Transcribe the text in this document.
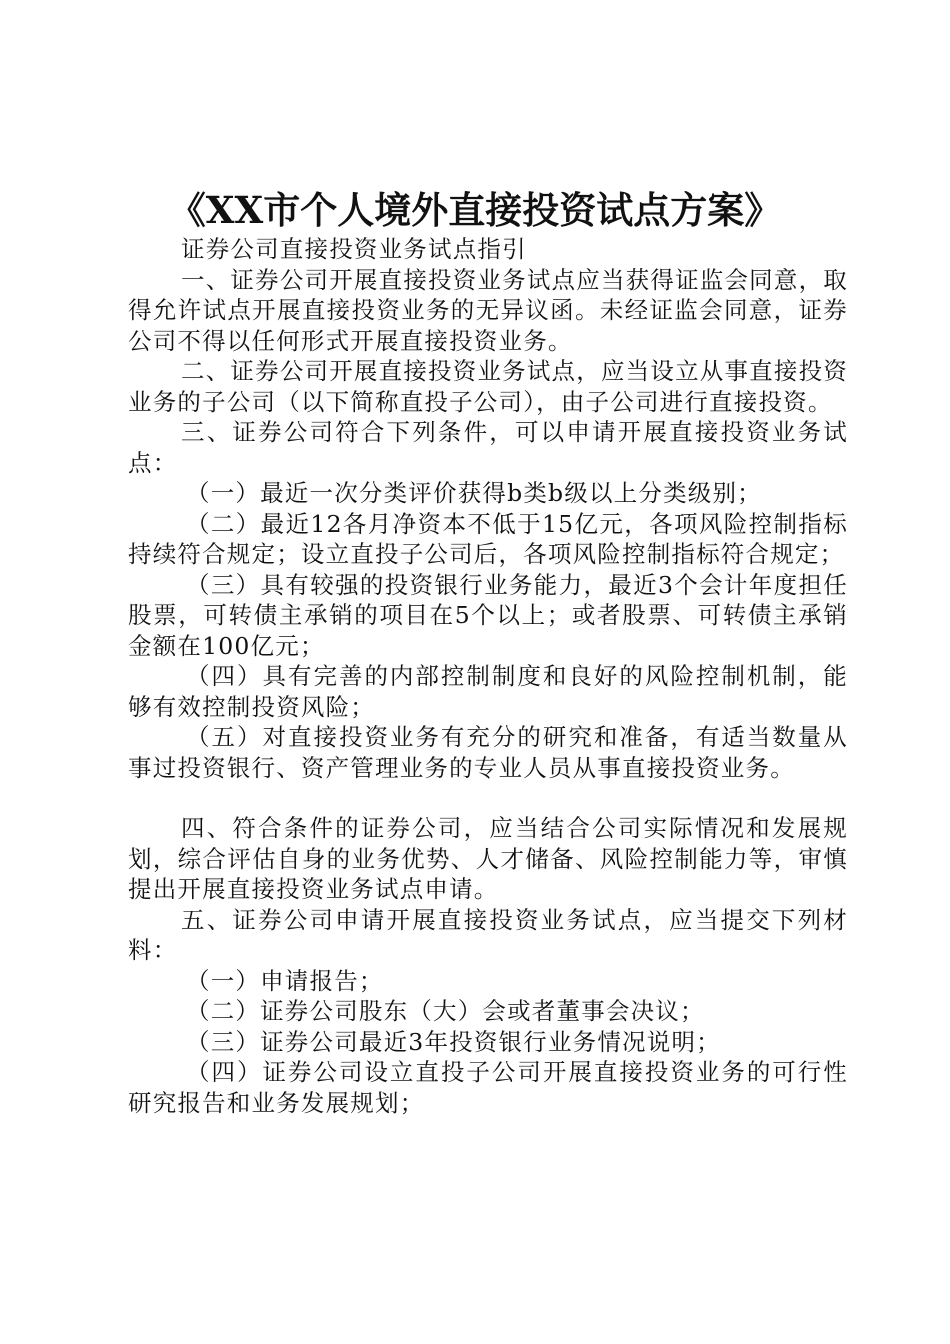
《XX市个人境外直接投资试点方案》

证券公司直接投资业务试点指引

一、证券公司开展直接投资业务试点应当获得证监会同意，取得允许试点开展直接投资业务的无异议函。未经证监会同意，证券公司不得以任何形式开展直接投资业务。

二、证券公司开展直接投资业务试点，应当设立从事直接投资业务的子公司（以下简称直投子公司），由子公司进行直接投资。

三、证券公司符合下列条件，可以申请开展直接投资业务试点：

（一）最近一次分类评价获得b类b级以上分类级别；

（二）最近12各月净资本不低于15亿元，各项风险控制指标持续符合规定；设立直投子公司后，各项风险控制指标符合规定；

（三）具有较强的投资银行业务能力，最近3个会计年度担任股票，可转债主承销的项目在5个以上；或者股票、可转债主承销金额在100亿元；

（四）具有完善的内部控制制度和良好的风险控制机制，能够有效控制投资风险；

（五）对直接投资业务有充分的研究和准备，有适当数量从事过投资银行、资产管理业务的专业人员从事直接投资业务。

四、符合条件的证券公司，应当结合公司实际情况和发展规划，综合评估自身的业务优势、人才储备、风险控制能力等，审慎提出开展直接投资业务试点申请。

五、证券公司申请开展直接投资业务试点，应当提交下列材料：

（一）申请报告；

（二）证券公司股东（大）会或者董事会决议；

（三）证券公司最近3年投资银行业务情况说明；

（四）证券公司设立直投子公司开展直接投资业务的可行性研究报告和业务发展规划；
